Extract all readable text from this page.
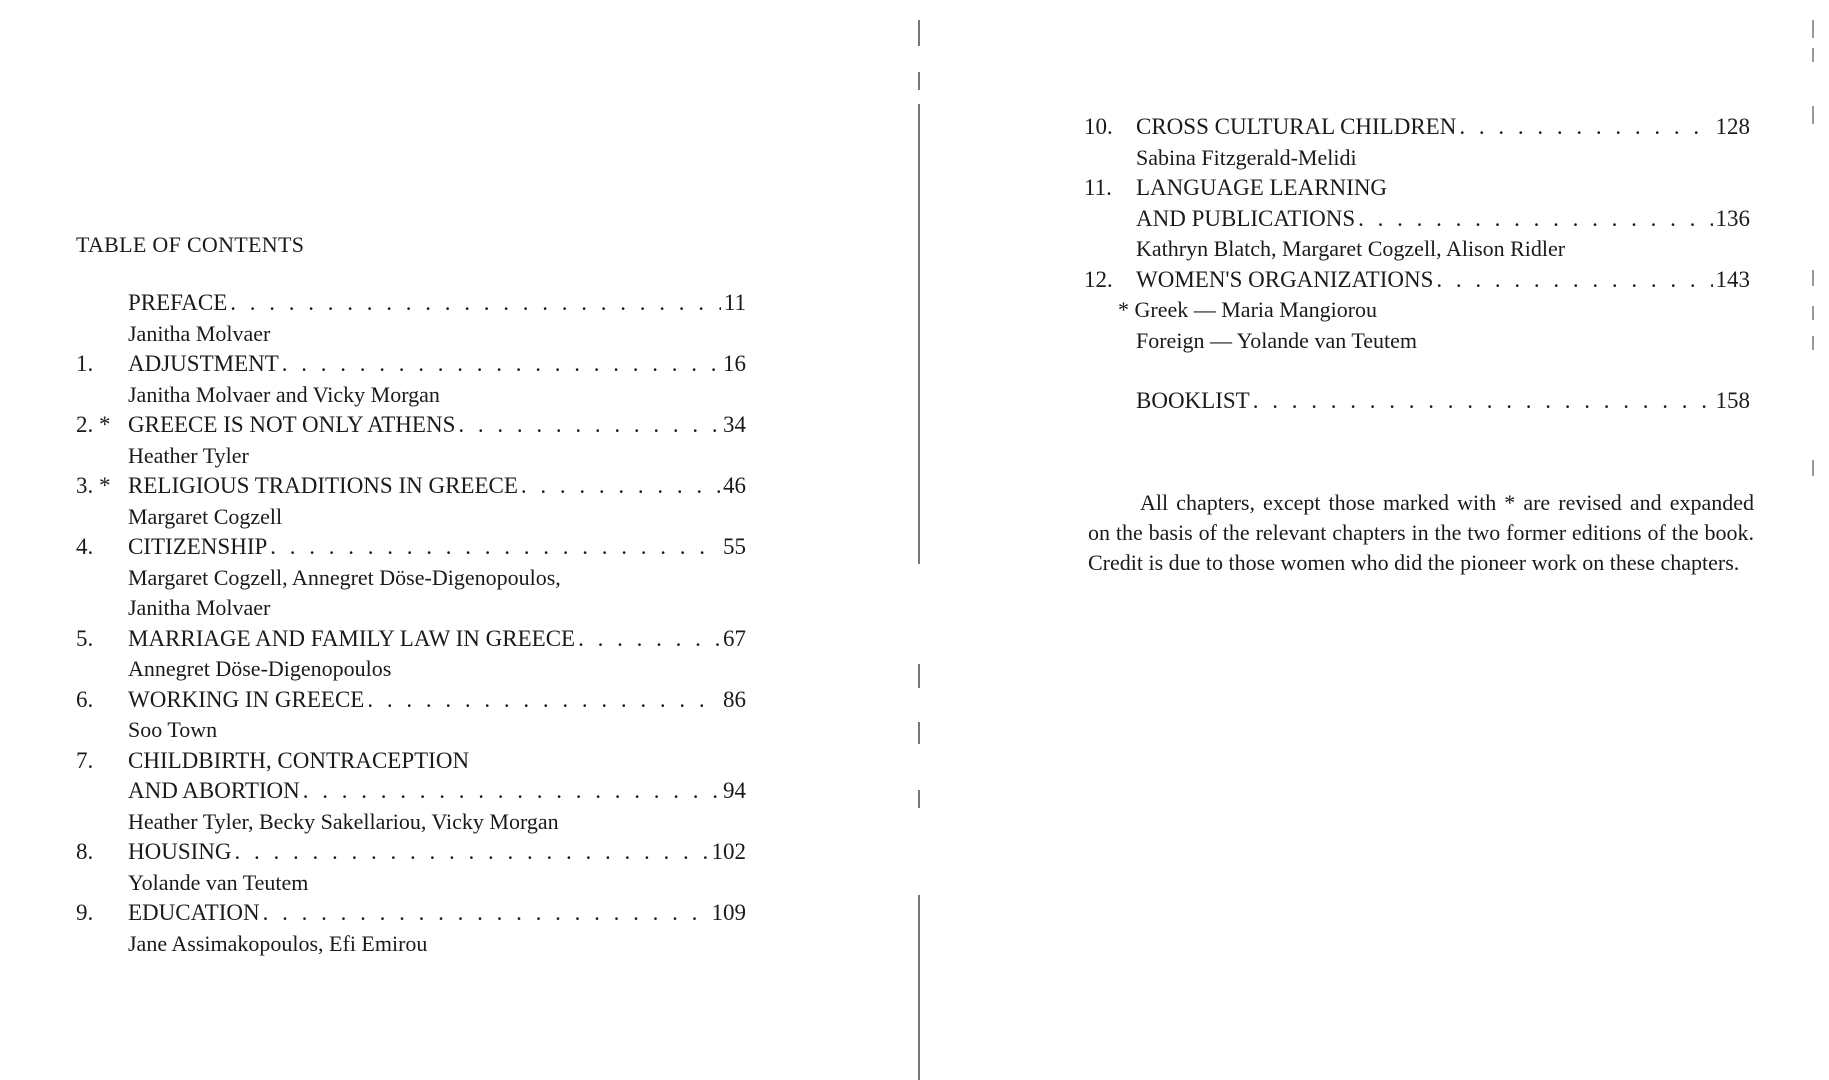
TABLE OF CONTENTS
PREFACE . . .	11
Janitha Molvaer
1.	ADJUSTMENT . . .	16
Janitha Molvaer and Vicky Morgan
2. * GREECE IS NOT ONLY ATHENS . . .	34
Heather Tyler
3. * RELIGIOUS TRADITIONS IN GREECE . . .	46
Margaret Cogzell
4.	CITIZENSHIP . . .	55
Margaret Cogzell, Annegret Döse-Digenopoulos,
Janitha Molvaer
5.	MARRIAGE AND FAMILY LAW IN GREECE . . .	67
Annegret Döse-Digenopoulos
6.	WORKING IN GREECE . . .	86
Soo Town
7.	CHILDBIRTH, CONTRACEPTION
AND ABORTION . . .	94
Heather Tyler, Becky Sakellariou, Vicky Morgan
8.	HOUSING . . .	102
Yolande van Teutem
9.	EDUCATION . . .	109
Jane Assimakopoulos, Efi Emirou
10.	CROSS CULTURAL CHILDREN . . .	128
Sabina Fitzgerald-Melidi
11.	LANGUAGE LEARNING
AND PUBLICATIONS . . .	136
Kathryn Blatch, Margaret Cogzell, Alison Ridler
12.	WOMEN'S ORGANIZATIONS . . .	143
* Greek — Maria Mangiorou
Foreign — Yolande van Teutem
BOOKLIST . . .	158

All chapters, except those marked with * are revised and expanded on the basis of the relevant chapters in the two former editions of the book. Credit is due to those women who did the pioneer work on these chapters.
